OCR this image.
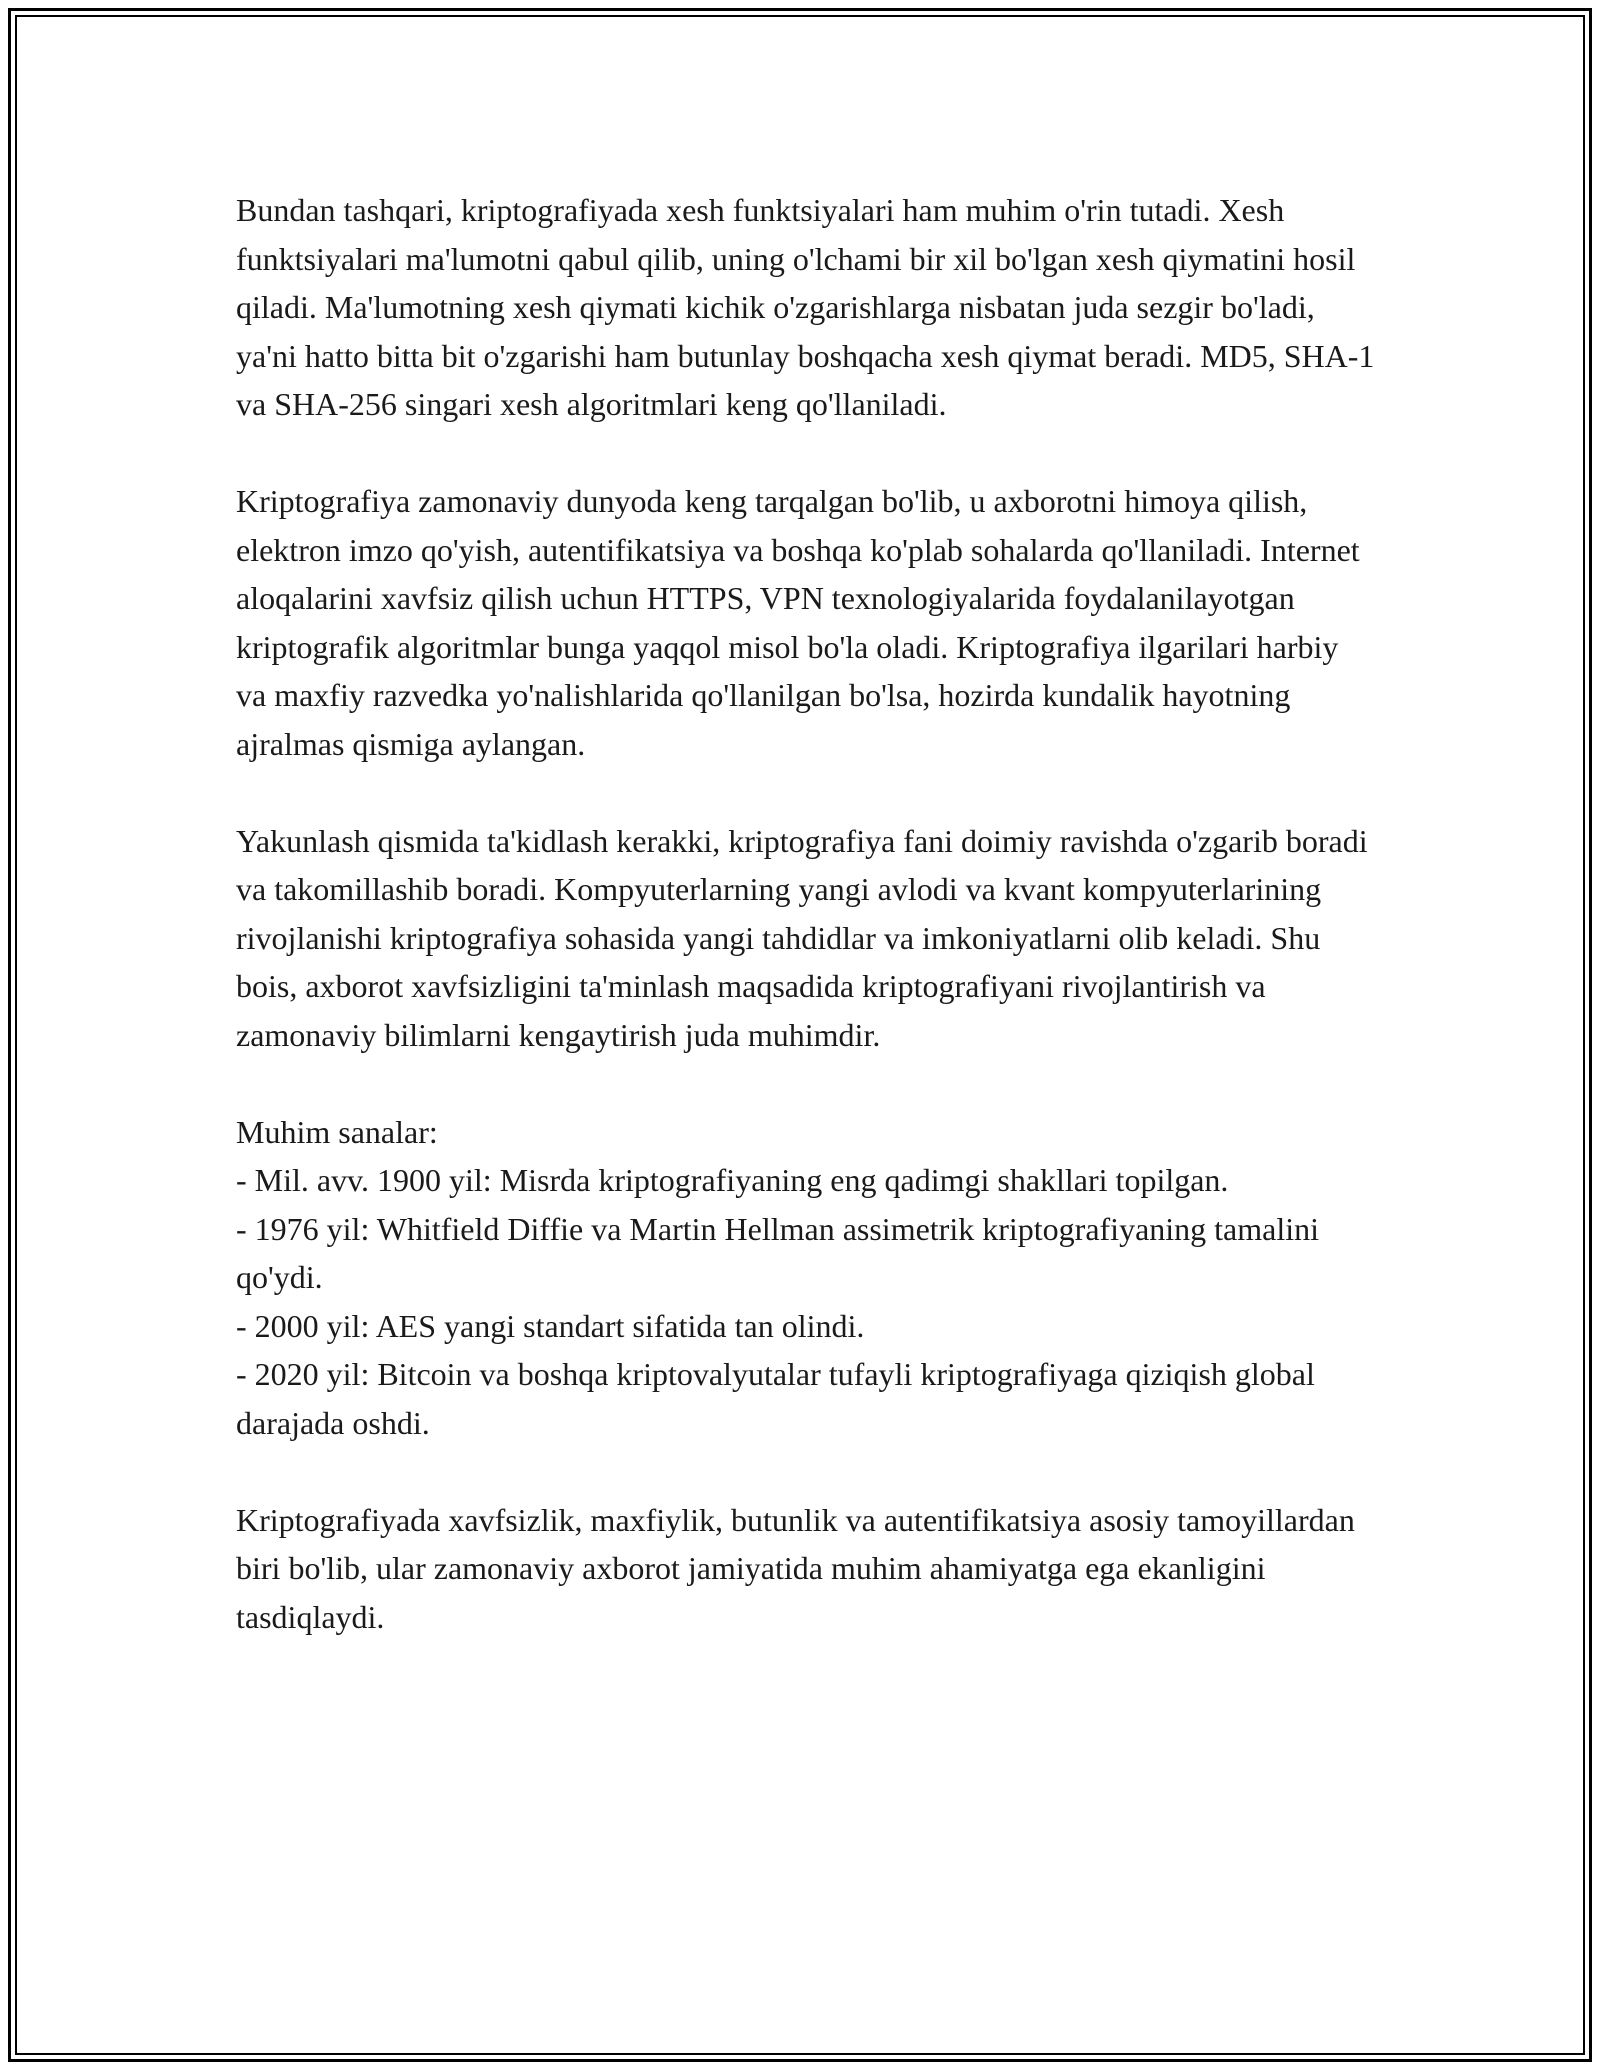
Bundan tashqari, kriptografiyada xesh funktsiyalari ham muhim o'rin tutadi. Xesh funktsiyalari ma'lumotni qabul qilib, uning o'lchami bir xil bo'lgan xesh qiymatini hosil qiladi. Ma'lumotning xesh qiymati kichik o'zgarishlarga nisbatan juda sezgir bo'ladi, ya'ni hatto bitta bit o'zgarishi ham butunlay boshqacha xesh qiymat beradi. MD5, SHA-1 va SHA-256 singari xesh algoritmlari keng qo'llaniladi.

Kriptografiya zamonaviy dunyoda keng tarqalgan bo'lib, u axborotni himoya qilish, elektron imzo qo'yish, autentifikatsiya va boshqa ko'plab sohalarda qo'llaniladi. Internet aloqalarini xavfsiz qilish uchun HTTPS, VPN texnologiyalarida foydalanilayotgan kriptografik algoritmlar bunga yaqqol misol bo'la oladi. Kriptografiya ilgarilari harbiy va maxfiy razvedka yo'nalishlarida qo'llanilgan bo'lsa, hozirda kundalik hayotning ajralmas qismiga aylangan.

Yakunlash qismida ta'kidlash kerakki, kriptografiya fani doimiy ravishda o'zgarib boradi va takomillashib boradi. Kompyuterlarning yangi avlodi va kvant kompyuterlarining rivojlanishi kriptografiya sohasida yangi tahdidlar va imkoniyatlarni olib keladi. Shu bois, axborot xavfsizligini ta'minlash maqsadida kriptografiyani rivojlantirish va zamonaviy bilimlarni kengaytirish juda muhimdir.

Muhim sanalar:
- Mil. avv. 1900 yil: Misrda kriptografiyaning eng qadimgi shakllari topilgan.
- 1976 yil: Whitfield Diffie va Martin Hellman assimetrik kriptografiyaning tamalini qo'ydi.
- 2000 yil: AES yangi standart sifatida tan olindi.
- 2020 yil: Bitcoin va boshqa kriptovalyutalar tufayli kriptografiyaga qiziqish global darajada oshdi.

Kriptografiyada xavfsizlik, maxfiylik, butunlik va autentifikatsiya asosiy tamoyillardan biri bo'lib, ular zamonaviy axborot jamiyatida muhim ahamiyatga ega ekanligini tasdiqlaydi.
